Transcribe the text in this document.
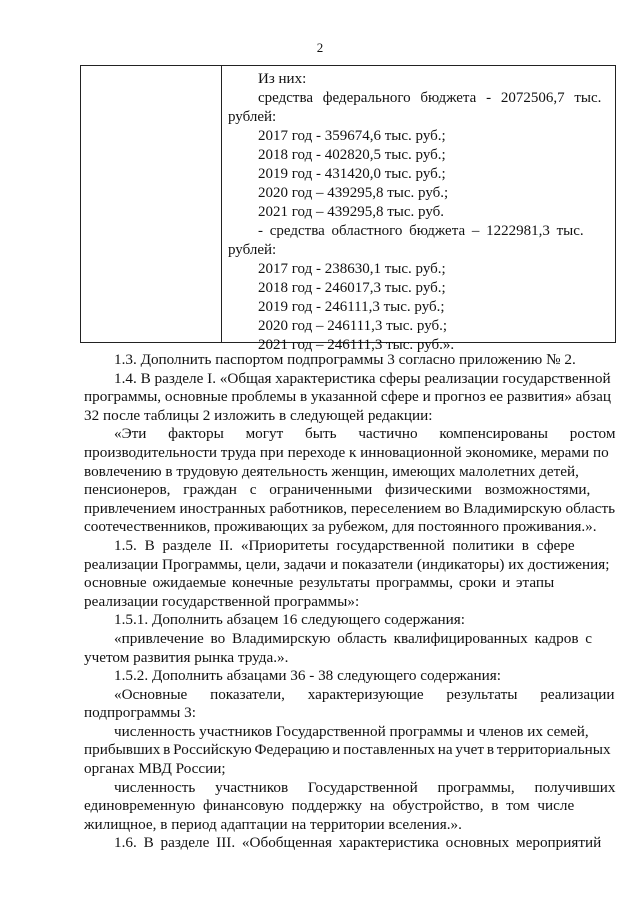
2
Из них:
средства федерального бюджета - 2072506,7 тыс.
рублей:
2017 год - 359674,6 тыс. руб.;
2018 год - 402820,5 тыс. руб.;
2019 год - 431420,0 тыс. руб.;
2020 год – 439295,8 тыс. руб.;
2021 год – 439295,8 тыс. руб.
- средства областного бюджета – 1222981,3 тыс.
рублей:
2017 год - 238630,1 тыс. руб.;
2018 год - 246017,3 тыс. руб.;
2019 год - 246111,3 тыс. руб.;
2020 год – 246111,3 тыс. руб.;
2021 год – 246111,3 тыс. руб.».
1.3. Дополнить паспортом подпрограммы 3 согласно приложению № 2.
1.4. В разделе I. «Общая характеристика сферы реализации государственной
программы, основные проблемы в указанной сфере и прогноз ее развития» абзац
32 после таблицы 2 изложить в следующей редакции:
«Эти факторы могут быть частично компенсированы ростом
производительности труда при переходе к инновационной экономике, мерами по
вовлечению в трудовую деятельность женщин, имеющих малолетних детей,
пенсионеров, граждан с ограниченными физическими возможностями,
привлечением иностранных работников, переселением во Владимирскую область
соотечественников, проживающих за рубежом, для постоянного проживания.».
1.5. В разделе II. «Приоритеты государственной политики в сфере
реализации Программы, цели, задачи и показатели (индикаторы) их достижения;
основные ожидаемые конечные результаты программы, сроки и этапы
реализации государственной программы»:
1.5.1. Дополнить абзацем 16 следующего содержания:
«привлечение во Владимирскую область квалифицированных кадров с
учетом развития рынка труда.».
1.5.2. Дополнить абзацами 36 - 38 следующего содержания:
«Основные показатели, характеризующие результаты реализации
подпрограммы 3:
численность участников Государственной программы и членов их семей,
прибывших в Российскую Федерацию и поставленных на учет в территориальных
органах МВД России;
численность участников Государственной программы, получивших
единовременную финансовую поддержку на обустройство, в том числе
жилищное, в период адаптации на территории вселения.».
1.6. В разделе III. «Обобщенная характеристика основных мероприятий
